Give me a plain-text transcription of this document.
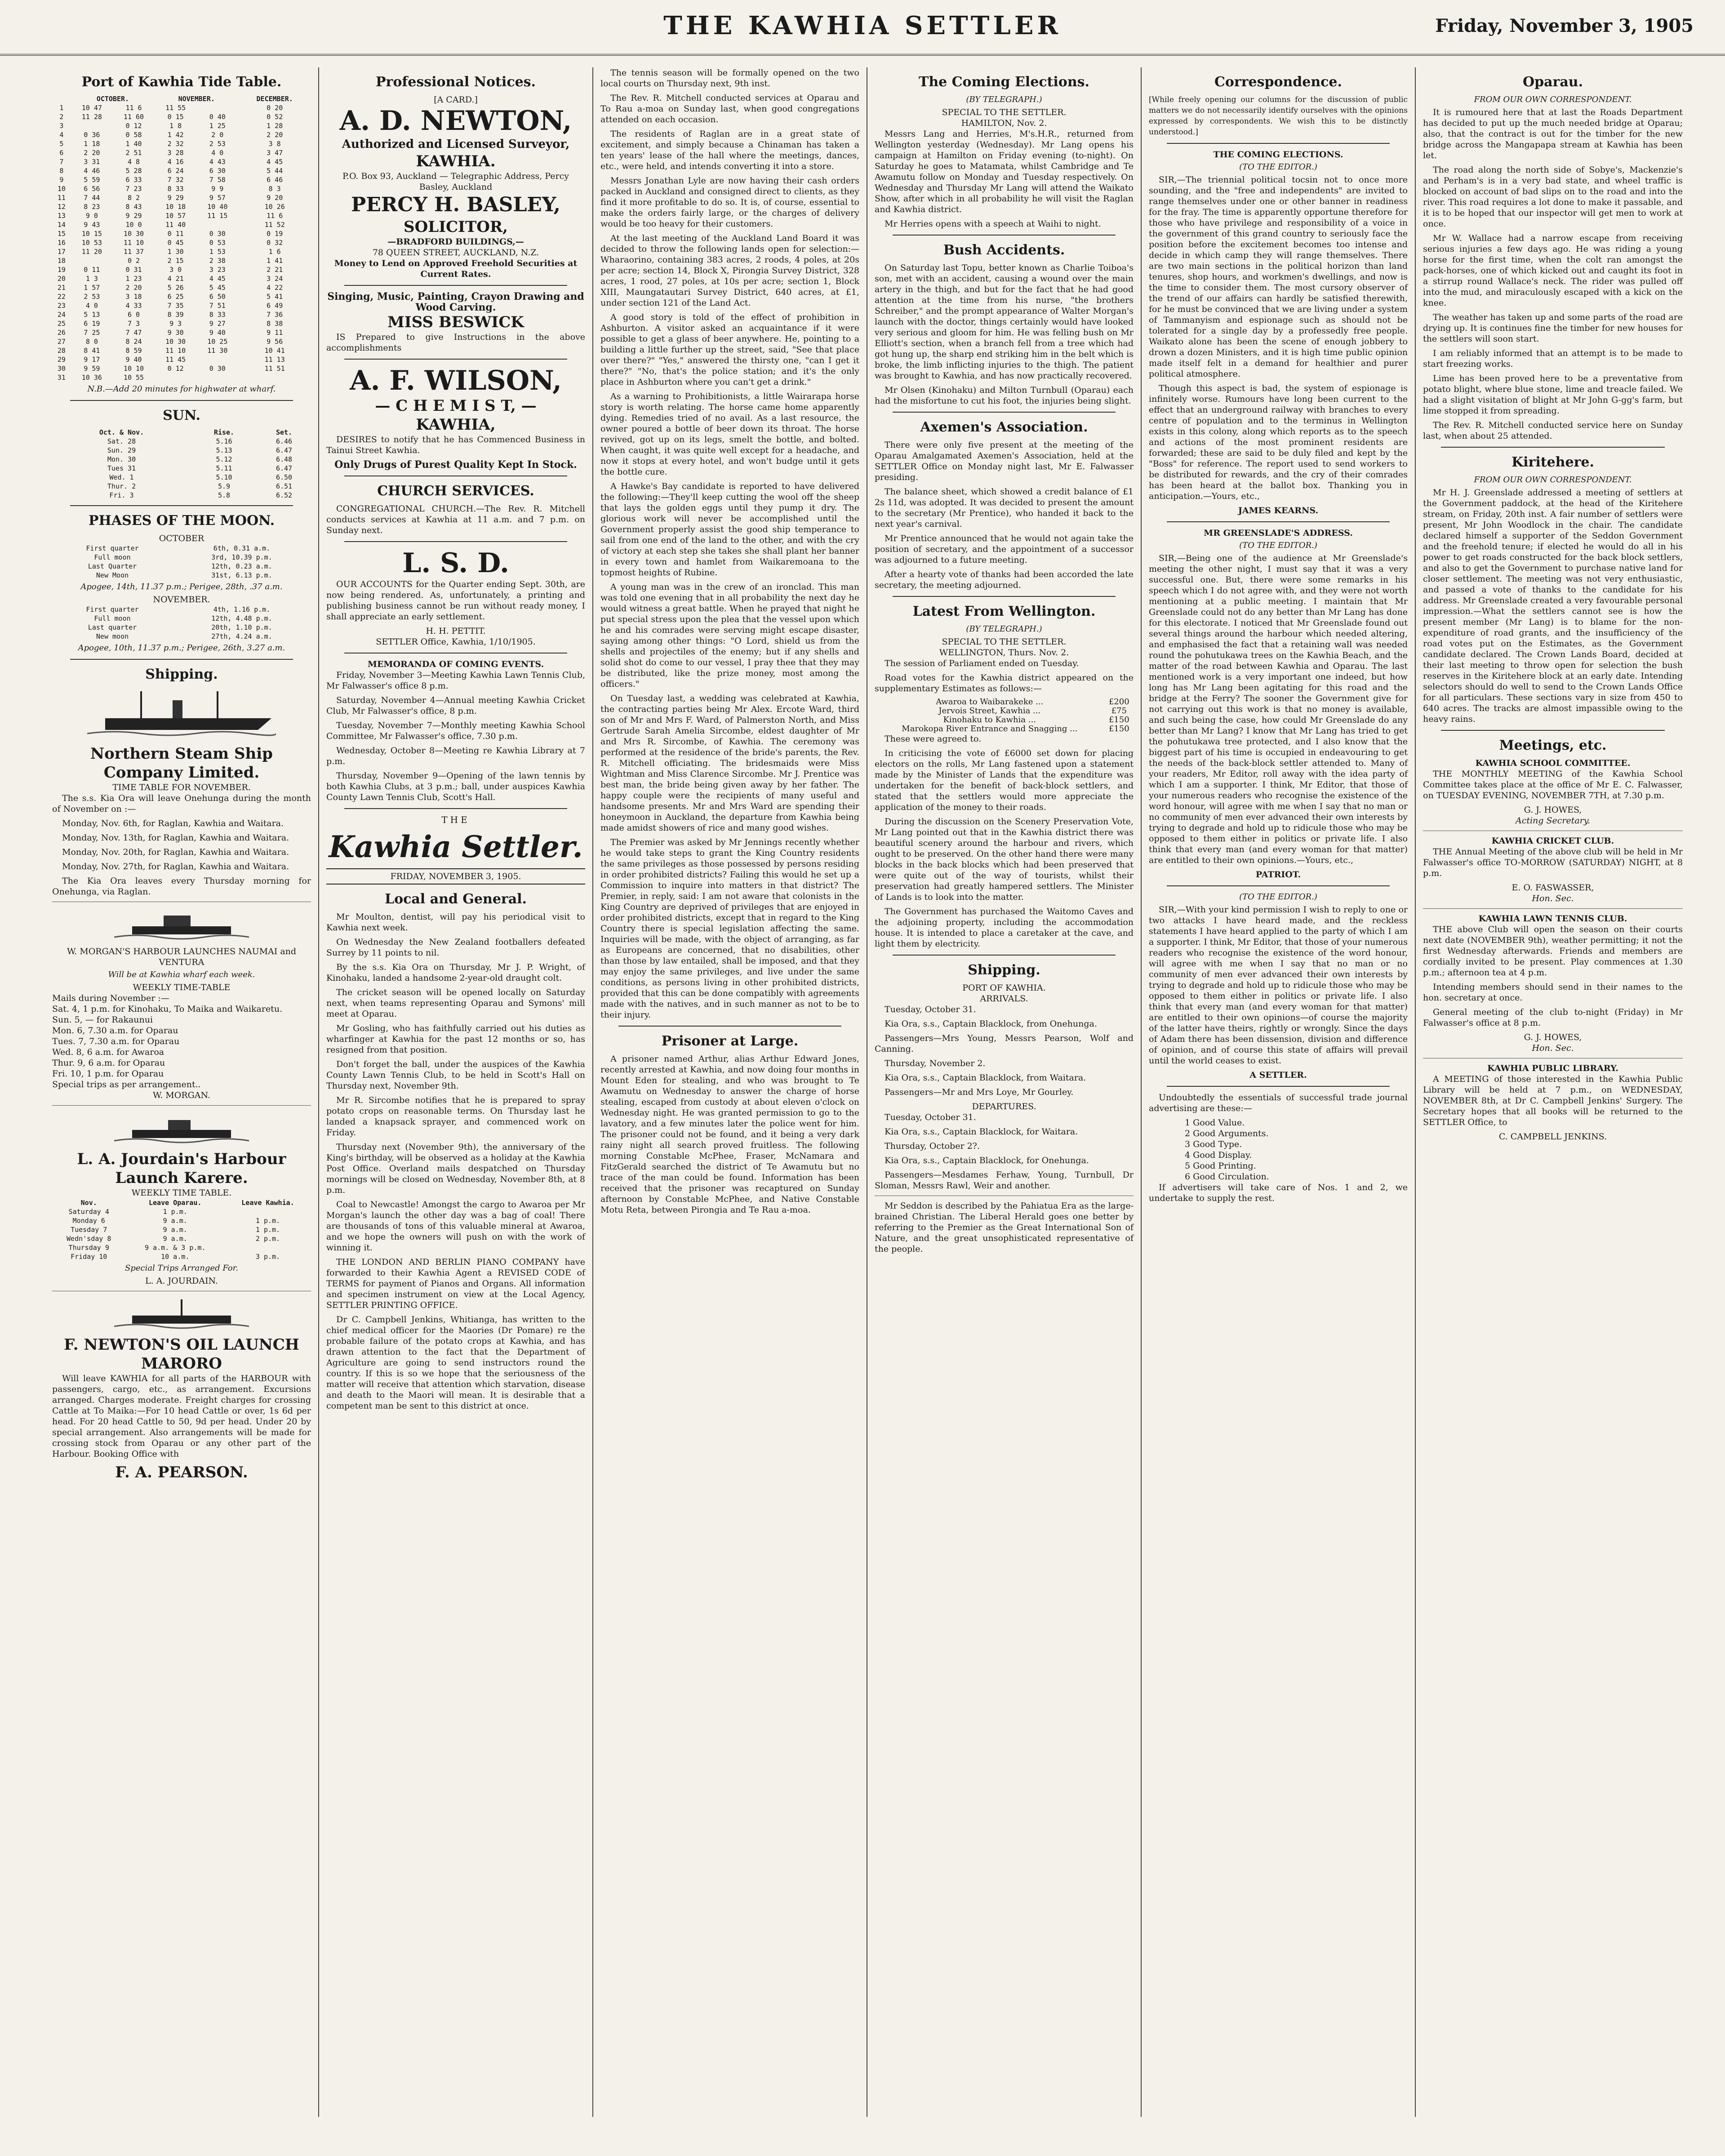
THE KAWHIA SETTLER	Friday, November 3, 1905
Port of Kawhia Tide Table.
	OCTOBER.		NOVEMBER.		DECEMBER.
1	10 47	11 6	11 55		0 20
2	11 28	11 60	0 15	0 40	0 52
3		0 12	1 8	1 25	1 28
4	0 36	0 58	1 42	2 0	2 20
5	1 18	1 40	2 32	2 53	3 8
6	2 20	2 51	3 28	4 0	3 47
7	3 31	4 8	4 16	4 43	4 45
8	4 46	5 28	6 24	6 30	5 44
9	5 59	6 33	7 32	7 58	6 46
10	6 56	7 23	8 33	9 9	8 3
11	7 44	8 2	9 29	9 57	9 20
12	8 23	8 43	10 18	10 40	10 26
13	9 0	9 29	10 57	11 15	11 6
14	9 43	10 0	11 40		11 52
15	10 15	10 30	0 11	0 30	0 19
16	10 53	11 10	0 45	0 53	0 32
17	11 20	11 37	1 30	1 53	1 6
18		0 2	2 15	2 38	1 41
19	0 11	0 31	3 0	3 23	2 21
20	1 3	1 23	4 21	4 45	3 24
21	1 57	2 20	5 26	5 45	4 22
22	2 53	3 18	6 25	6 50	5 41
23	4 0	4 33	7 35	7 51	6 49
24	5 13	6 0	8 39	8 33	7 36
25	6 19	7 3	9 3	9 27	8 38
26	7 25	7 47	9 30	9 40	9 11
27	8 0	8 24	10 30	10 25	9 56
28	8 41	8 59	11 10	11 30	10 41
29	9 17	9 40	11 45		11 13
30	9 59	10 10	0 12	0 30	11 51
31	10 36	10 55			
N.B.—Add 20 minutes for highwater at wharf.
SUN.
Oct. & Nov.	Rise.	Set.
Sat. 28	5.16	6.46
Sun. 29	5.13	6.47
Mon. 30	5.12	6.48
Tues 31	5.11	6.47
Wed. 1	5.10	6.50
Thur. 2	5.9	6.51
Fri. 3	5.8	6.52
PHASES OF THE MOON.
OCTOBER
First quarter	6th, 0.31 a.m.
Full moon	3rd, 10.39 p.m.
Last Quarter	12th, 0.23 a.m.
New Moon	31st, 6.13 p.m.
Apogee, 14th, 11.37 p.m.; Perigee, 28th, .37 a.m.
NOVEMBER.
First quarter	4th, 1.16 p.m.
Full moon	12th, 4.48 p.m.
Last quarter	20th, 1.10 p.m.
New moon	27th, 4.24 a.m.
Apogee, 10th, 11.37 p.m.; Perigee, 26th, 3.27 a.m.
Shipping.
Northern Steam Ship Company Limited.
TIME TABLE FOR NOVEMBER.

The s.s. Kia Ora will leave Onehunga during the month of November on :—

Monday, Nov. 6th, for Raglan, Kawhia and Waitara.

Monday, Nov. 13th, for Raglan, Kawhia and Waitara.

Monday, Nov. 20th, for Raglan, Kawhia and Waitara.

Monday, Nov. 27th, for Raglan, Kawhia and Waitara.

The Kia Ora leaves every Thursday morning for Onehunga, via Raglan.

W. MORGAN'S HARBOUR LAUNCHES NAUMAI and VENTURA
Will be at Kawhia wharf each week.
WEEKLY TIME-TABLE
Mails during November :—
Sat. 4, 1 p.m. for Kinohaku, To Maika and Waikaretu.
Sun. 5, — for Rakaunui
Mon. 6, 7.30 a.m. for Oparau
Tues. 7, 7.30 a.m. for Oparau
Wed. 8, 6 a.m. for Awaroa
Thur. 9, 6 a.m. for Oparau
Fri. 10, 1 p.m. for Oparau
Special trips as per arrangement..
W. MORGAN.
L. A. Jourdain's Harbour Launch Karere.
WEEKLY TIME TABLE.
Nov.	Leave Oparau.	Leave Kawhia.
Saturday 4	1 p.m.	
Monday 6	9 a.m.	1 p.m.
Tuesday 7	9 a.m.	1 p.m.
Wedn'sday 8	9 a.m.	2 p.m.
Thursday 9	9 a.m. & 3 p.m.	
Friday 10	10 a.m.	3 p.m.
Special Trips Arranged For.
L. A. JOURDAIN.
F. NEWTON'S OIL LAUNCH MARORO

Will leave KAWHIA for all parts of the HARBOUR with passengers, cargo, etc., as arrangement. Excursions arranged. Charges moderate. Freight charges for crossing Cattle at To Maika:—For 10 head Cattle or over, 1s 6d per head. For 20 head Cattle to 50, 9d per head. Under 20 by special arrangement. Also arrangements will be made for crossing stock from Oparau or any other part of the Harbour. Booking Office with

F. A. PEARSON.
Professional Notices.
[A CARD.]
A. D. NEWTON,
Authorized and Licensed Surveyor,
KAWHIA.
P.O. Box 93, Auckland — Telegraphic Address, Percy Basley, Auckland
PERCY H. BASLEY,
SOLICITOR,
—BRADFORD BUILDINGS,—
78 QUEEN STREET, AUCKLAND, N.Z.
Money to Lend on Approved Freehold Securities at Current Rates.
Singing, Music, Painting, Crayon Drawing and Wood Carving.
MISS BESWICK

IS Prepared to give Instructions in the above accomplishments

A. F. WILSON,
— C H E M I S T, —
KAWHIA,

DESIRES to notify that he has Commenced Business in Tainui Street Kawhia.

Only Drugs of Purest Quality Kept In Stock.
CHURCH SERVICES.

CONGREGATIONAL CHURCH.—The Rev. R. Mitchell conducts services at Kawhia at 11 a.m. and 7 p.m. on Sunday next.

L. S. D.

OUR ACCOUNTS for the Quarter ending Sept. 30th, are now being rendered. As, unfortunately, a printing and publishing business cannot be run without ready money, I shall appreciate an early settlement.

H. H. PETTIT.
SETTLER Office, Kawhia, 1/10/1905.
MEMORANDA OF COMING EVENTS.

Friday, November 3—Meeting Kawhia Lawn Tennis Club, Mr Falwasser's office 8 p.m.

Saturday, November 4—Annual meeting Kawhia Cricket Club, Mr Falwasser's office, 8 p.m.

Tuesday, November 7—Monthly meeting Kawhia School Committee, Mr Falwasser's office, 7.30 p.m.

Wednesday, October 8—Meeting re Kawhia Library at 7 p.m.

Thursday, November 9—Opening of the lawn tennis by both Kawhia Clubs, at 3 p.m.; ball, under auspices Kawhia County Lawn Tennis Club, Scott's Hall.

THE
Kawhia Settler.
FRIDAY, NOVEMBER 3, 1905.
Local and General.

Mr Moulton, dentist, will pay his periodical visit to Kawhia next week.

On Wednesday the New Zealand footballers defeated Surrey by 11 points to nil.

By the s.s. Kia Ora on Thursday, Mr J. P. Wright, of Kinohaku, landed a handsome 2-year-old draught colt.

The cricket season will be opened locally on Saturday next, when teams representing Oparau and Symons' mill meet at Oparau.

Mr Gosling, who has faithfully carried out his duties as wharfinger at Kawhia for the past 12 months or so, has resigned from that position.

Don't forget the ball, under the auspices of the Kawhia County Lawn Tennis Club, to be held in Scott's Hall on Thursday next, November 9th.

Mr R. Sircombe notifies that he is prepared to spray potato crops on reasonable terms. On Thursday last he landed a knapsack sprayer, and commenced work on Friday.

Thursday next (November 9th), the anniversary of the King's birthday, will be observed as a holiday at the Kawhia Post Office. Overland mails despatched on Thursday mornings will be closed on Wednesday, November 8th, at 8 p.m.

Coal to Newcastle! Amongst the cargo to Awaroa per Mr Morgan's launch the other day was a bag of coal! There are thousands of tons of this valuable mineral at Awaroa, and we hope the owners will push on with the work of winning it.

THE LONDON AND BERLIN PIANO COMPANY have forwarded to their Kawhia Agent a REVISED CODE of TERMS for payment of Pianos and Organs. All information and specimen instrument on view at the Local Agency, SETTLER PRINTING OFFICE.

Dr C. Campbell Jenkins, Whitianga, has written to the chief medical officer for the Maories (Dr Pomare) re the probable failure of the potato crops at Kawhia, and has drawn attention to the fact that the Department of Agriculture are going to send instructors round the country. If this is so we hope that the seriousness of the matter will receive that attention which starvation, disease and death to the Maori will mean. It is desirable that a competent man be sent to this district at once.

The tennis season will be formally opened on the two local courts on Thursday next, 9th inst.

The Rev. R. Mitchell conducted services at Oparau and To Rau a-moa on Sunday last, when good congregations attended on each occasion.

The residents of Raglan are in a great state of excitement, and simply because a Chinaman has taken a ten years' lease of the hall where the meetings, dances, etc., were held, and intends converting it into a store.

Messrs Jonathan Lyle are now having their cash orders packed in Auckland and consigned direct to clients, as they find it more profitable to do so. It is, of course, essential to make the orders fairly large, or the charges of delivery would be too heavy for their customers.

At the last meeting of the Auckland Land Board it was decided to throw the following lands open for selection:—Wharaorino, containing 383 acres, 2 roods, 4 poles, at 20s per acre; section 14, Block X, Pirongia Survey District, 328 acres, 1 rood, 27 poles, at 10s per acre; section 1, Block XIII, Maungatautari Survey District, 640 acres, at £1, under section 121 of the Land Act.

A good story is told of the effect of prohibition in Ashburton. A visitor asked an acquaintance if it were possible to get a glass of beer anywhere. He, pointing to a building a little further up the street, said, "See that place over there?" "Yes," answered the thirsty one, "can I get it there?" "No, that's the police station; and it's the only place in Ashburton where you can't get a drink."

As a warning to Prohibitionists, a little Wairarapa horse story is worth relating. The horse came home apparently dying. Remedies tried of no avail. As a last resource, the owner poured a bottle of beer down its throat. The horse revived, got up on its legs, smelt the bottle, and bolted. When caught, it was quite well except for a headache, and now it stops at every hotel, and won't budge until it gets the bottle cure.

A Hawke's Bay candidate is reported to have delivered the following:—They'll keep cutting the wool off the sheep that lays the golden eggs until they pump it dry. The glorious work will never be accomplished until the Government properly assist the good ship temperance to sail from one end of the land to the other, and with the cry of victory at each step she takes she shall plant her banner in every town and hamlet from Waikaremoana to the topmost heights of Rubine.

A young man was in the crew of an ironclad. This man was told one evening that in all probability the next day he would witness a great battle. When he prayed that night he put special stress upon the plea that the vessel upon which he and his comrades were serving might escape disaster, saying among other things: "O Lord, shield us from the shells and projectiles of the enemy; but if any shells and solid shot do come to our vessel, I pray thee that they may be distributed, like the prize money, most among the officers."

On Tuesday last, a wedding was celebrated at Kawhia, the contracting parties being Mr Alex. Ercote Ward, third son of Mr and Mrs F. Ward, of Palmerston North, and Miss Gertrude Sarah Amelia Sircombe, eldest daughter of Mr and Mrs R. Sircombe, of Kawhia. The ceremony was performed at the residence of the bride's parents, the Rev. R. Mitchell officiating. The bridesmaids were Miss Wightman and Miss Clarence Sircombe. Mr J. Prentice was best man, the bride being given away by her father. The happy couple were the recipients of many useful and handsome presents. Mr and Mrs Ward are spending their honeymoon in Auckland, the departure from Kawhia being made amidst showers of rice and many good wishes.

The Premier was asked by Mr Jennings recently whether he would take steps to grant the King Country residents the same privileges as those possessed by persons residing in order prohibited districts? Failing this would he set up a Commission to inquire into matters in that district? The Premier, in reply, said: I am not aware that colonists in the King Country are deprived of privileges that are enjoyed in order prohibited districts, except that in regard to the King Country there is special legislation affecting the same. Inquiries will be made, with the object of arranging, as far as Europeans are concerned, that no disabilities, other than those by law entailed, shall be imposed, and that they may enjoy the same privileges, and live under the same conditions, as persons living in other prohibited districts, provided that this can be done compatibly with agreements made with the natives, and in such manner as not to be to their injury.

Prisoner at Large.

A prisoner named Arthur, alias Arthur Edward Jones, recently arrested at Kawhia, and now doing four months in Mount Eden for stealing, and who was brought to Te Awamutu on Wednesday to answer the charge of horse stealing, escaped from custody at about eleven o'clock on Wednesday night. He was granted permission to go to the lavatory, and a few minutes later the police went for him. The prisoner could not be found, and it being a very dark rainy night all search proved fruitless. The following morning Constable McPhee, Fraser, McNamara and FitzGerald searched the district of Te Awamutu but no trace of the man could be found. Information has been received that the prisoner was recaptured on Sunday afternoon by Constable McPhee, and Native Constable Motu Reta, between Pirongia and Te Rau a-moa.

The Coming Elections.
(BY TELEGRAPH.)
SPECIAL TO THE SETTLER.
HAMILTON, Nov. 2.

Messrs Lang and Herries, M's.H.R., returned from Wellington yesterday (Wednesday). Mr Lang opens his campaign at Hamilton on Friday evening (to-night). On Saturday he goes to Matamata, whilst Cambridge and Te Awamutu follow on Monday and Tuesday respectively. On Wednesday and Thursday Mr Lang will attend the Waikato Show, after which in all probability he will visit the Raglan and Kawhia district.

Mr Herries opens with a speech at Waihi to night.

Bush Accidents.

On Saturday last Topu, better known as Charlie Toiboa's son, met with an accident, causing a wound over the main artery in the thigh, and but for the fact that he had good attention at the time from his nurse, "the brothers Schreiber," and the prompt appearance of Walter Morgan's launch with the doctor, things certainly would have looked very serious and gloom for him. He was felling bush on Mr Elliott's section, when a branch fell from a tree which had got hung up, the sharp end striking him in the belt which is broke, the limb inflicting injuries to the thigh. The patient was brought to Kawhia, and has now practically recovered.

Mr Olsen (Kinohaku) and Milton Turnbull (Oparau) each had the misfortune to cut his foot, the injuries being slight.

Axemen's Association.

There were only five present at the meeting of the Oparau Amalgamated Axemen's Association, held at the SETTLER Office on Monday night last, Mr E. Falwasser presiding.

The balance sheet, which showed a credit balance of £1 2s 11d, was adopted. It was decided to present the amount to the secretary (Mr Prentice), who handed it back to the next year's carnival.

Mr Prentice announced that he would not again take the position of secretary, and the appointment of a successor was adjourned to a future meeting.

After a hearty vote of thanks had been accorded the late secretary, the meeting adjourned.

Latest From Wellington.
(BY TELEGRAPH.)
SPECIAL TO THE SETTLER.
WELLINGTON, Thurs. Nov. 2.

The session of Parliament ended on Tuesday.

Road votes for the Kawhia district appeared on the supplementary Estimates as follows:—

Awaroa to Waibarakeke ...	£200
Jervois Street, Kawhia ...	£75
Kinohaku to Kawhia ...	£150
Marokopa River Entrance and Snagging ...	£150

These were agreed to.

In criticising the vote of £6000 set down for placing electors on the rolls, Mr Lang fastened upon a statement made by the Minister of Lands that the expenditure was undertaken for the benefit of back-block settlers, and stated that the settlers would more appreciate the application of the money to their roads.

During the discussion on the Scenery Preservation Vote, Mr Lang pointed out that in the Kawhia district there was beautiful scenery around the harbour and rivers, which ought to be preserved. On the other hand there were many blocks in the back blocks which had been preserved that were quite out of the way of tourists, whilst their preservation had greatly hampered settlers. The Minister of Lands is to look into the matter.

The Government has purchased the Waitomo Caves and the adjoining property, including the accommodation house. It is intended to place a caretaker at the cave, and light them by electricity.

Shipping.
PORT OF KAWHIA.
ARRIVALS.

Tuesday, October 31.

Kia Ora, s.s., Captain Blacklock, from Onehunga.

Passengers—Mrs Young, Messrs Pearson, Wolf and Canning.

Thursday, November 2.

Kia Ora, s.s., Captain Blacklock, from Waitara.

Passengers—Mr and Mrs Loye, Mr Gourley.

DEPARTURES.

Tuesday, October 31.

Kia Ora, s.s., Captain Blacklock, for Waitara.

Thursday, October 2?.

Kia Ora, s.s., Captain Blacklock, for Onehunga.

Passengers—Mesdames Ferhaw, Young, Turnbull, Dr Sloman, Messrs Rawl, Weir and another.

Mr Seddon is described by the Pahiatua Era as the large-brained Christian. The Liberal Herald goes one better by referring to the Premier as the Great International Son of Nature, and the great unsophisticated representative of the people.

Correspondence.

[While freely opening our columns for the discussion of public matters we do not necessarily identify ourselves with the opinions expressed by correspondents. We wish this to be distinctly understood.]

THE COMING ELECTIONS.
(TO THE EDITOR.)

SIR,—The triennial political tocsin not to once more sounding, and the "free and independents" are invited to range themselves under one or other banner in readiness for the fray. The time is apparently opportune therefore for those who have privilege and responsibility of a voice in the government of this grand country to seriously face the position before the excitement becomes too intense and decide in which camp they will range themselves. There are two main sections in the political horizon than land tenures, shop hours, and workmen's dwellings, and now is the time to consider them. The most cursory observer of the trend of our affairs can hardly be satisfied therewith, for he must be convinced that we are living under a system of Tammanyism and espionage such as should not be tolerated for a single day by a professedly free people. Waikato alone has been the scene of enough jobbery to drown a dozen Ministers, and it is high time public opinion made itself felt in a demand for healthier and purer political atmosphere.

Though this aspect is bad, the system of espionage is infinitely worse. Rumours have long been current to the effect that an underground railway with branches to every centre of population and to the terminus in Wellington exists in this colony, along which reports as to the speech and actions of the most prominent residents are forwarded; these are said to be duly filed and kept by the "Boss" for reference. The report used to send workers to be distributed for rewards, and the cry of their comrades has been heard at the ballot box. Thanking you in anticipation.—Yours, etc.,

JAMES KEARNS.
MR GREENSLADE'S ADDRESS.
(TO THE EDITOR.)

SIR,—Being one of the audience at Mr Greenslade's meeting the other night, I must say that it was a very successful one. But, there were some remarks in his speech which I do not agree with, and they were not worth mentioning at a public meeting. I maintain that Mr Greenslade could not do any better than Mr Lang has done for this electorate. I noticed that Mr Greenslade found out several things around the harbour which needed altering, and emphasised the fact that a retaining wall was needed round the pohutukawa trees on the Kawhia Beach, and the matter of the road between Kawhia and Oparau. The last mentioned work is a very important one indeed, but how long has Mr Lang been agitating for this road and the bridge at the Ferry? The sooner the Government give for not carrying out this work is that no money is available, and such being the case, how could Mr Greenslade do any better than Mr Lang? I know that Mr Lang has tried to get the pohutukawa tree protected, and I also know that the biggest part of his time is occupied in endeavouring to get the needs of the back-block settler attended to. Many of your readers, Mr Editor, roll away with the idea party of which I am a supporter. I think, Mr Editor, that those of your numerous readers who recognise the existence of the word honour, will agree with me when I say that no man or no community of men ever advanced their own interests by trying to degrade and hold up to ridicule those who may be opposed to them either in politics or private life. I also think that every man (and every woman for that matter) are entitled to their own opinions.—Yours, etc.,

PATRIOT.
(TO THE EDITOR.)

SIR,—With your kind permission I wish to reply to one or two attacks I have heard made, and the reckless statements I have heard applied to the party of which I am a supporter. I think, Mr Editor, that those of your numerous readers who recognise the existence of the word honour, will agree with me when I say that no man or no community of men ever advanced their own interests by trying to degrade and hold up to ridicule those who may be opposed to them either in politics or private life. I also think that every man (and every woman for that matter) are entitled to their own opinions—of course the majority of the latter have theirs, rightly or wrongly. Since the days of Adam there has been dissension, division and difference of opinion, and of course this state of affairs will prevail until the world ceases to exist.

A SETTLER.

Undoubtedly the essentials of successful trade journal advertising are these:—

1 Good Value.
2 Good Arguments.
3 Good Type.
4 Good Display.
5 Good Printing.
6 Good Circulation.

If advertisers will take care of Nos. 1 and 2, we undertake to supply the rest.

Oparau.
FROM OUR OWN CORRESPONDENT.

It is rumoured here that at last the Roads Department has decided to put up the much needed bridge at Oparau; also, that the contract is out for the timber for the new bridge across the Mangapapa stream at Kawhia has been let.

The road along the north side of Sobye's, Mackenzie's and Perham's is in a very bad state, and wheel traffic is blocked on account of bad slips on to the road and into the river. This road requires a lot done to make it passable, and it is to be hoped that our inspector will get men to work at once.

Mr W. Wallace had a narrow escape from receiving serious injuries a few days ago. He was riding a young horse for the first time, when the colt ran amongst the pack-horses, one of which kicked out and caught its foot in a stirrup round Wallace's neck. The rider was pulled off into the mud, and miraculously escaped with a kick on the knee.

The weather has taken up and some parts of the road are drying up. It is continues fine the timber for new houses for the settlers will soon start.

I am reliably informed that an attempt is to be made to start freezing works.

Lime has been proved here to be a preventative from potato blight, where blue stone, lime and treacle failed. We had a slight visitation of blight at Mr John G-gg's farm, but lime stopped it from spreading.

The Rev. R. Mitchell conducted service here on Sunday last, when about 25 attended.

Kiritehere.
FROM OUR OWN CORRESPONDENT.

Mr H. J. Greenslade addressed a meeting of settlers at the Government paddock, at the head of the Kiritehere stream, on Friday, 20th inst. A fair number of settlers were present, Mr John Woodlock in the chair. The candidate declared himself a supporter of the Seddon Government and the freehold tenure; if elected he would do all in his power to get roads constructed for the back block settlers, and also to get the Government to purchase native land for closer settlement. The meeting was not very enthusiastic, and passed a vote of thanks to the candidate for his address. Mr Greenslade created a very favourable personal impression.—What the settlers cannot see is how the present member (Mr Lang) is to blame for the non-expenditure of road grants, and the insufficiency of the road votes put on the Estimates, as the Government candidate declared. The Crown Lands Board, decided at their last meeting to throw open for selection the bush reserves in the Kiritehere block at an early date. Intending selectors should do well to send to the Crown Lands Office for all particulars. These sections vary in size from 450 to 640 acres. The tracks are almost impassible owing to the heavy rains.

Meetings, etc.
KAWHIA SCHOOL COMMITTEE.

THE MONTHLY MEETING of the Kawhia School Committee takes place at the office of Mr E. C. Falwasser, on TUESDAY EVENING, NOVEMBER 7TH, at 7.30 p.m.

G. J. HOWES,
Acting Secretary.
KAWHIA CRICKET CLUB.

THE Annual Meeting of the above club will be held in Mr Falwasser's office TO-MORROW (SATURDAY) NIGHT, at 8 p.m.

E. O. FASWASSER,
Hon. Sec.
KAWHIA LAWN TENNIS CLUB.

THE above Club will open the season on their courts next date (NOVEMBER 9th), weather permitting; it not the first Wednesday afterwards. Friends and members are cordially invited to be present. Play commences at 1.30 p.m.; afternoon tea at 4 p.m.

Intending members should send in their names to the hon. secretary at once.

General meeting of the club to-night (Friday) in Mr Falwasser's office at 8 p.m.

G. J. HOWES,
Hon. Sec.
KAWHIA PUBLIC LIBRARY.

A MEETING of those interested in the Kawhia Public Library will be held at 7 p.m., on WEDNESDAY, NOVEMBER 8th, at Dr C. Campbell Jenkins' Surgery. The Secretary hopes that all books will be returned to the SETTLER Office, to

C. CAMPBELL JENKINS.
